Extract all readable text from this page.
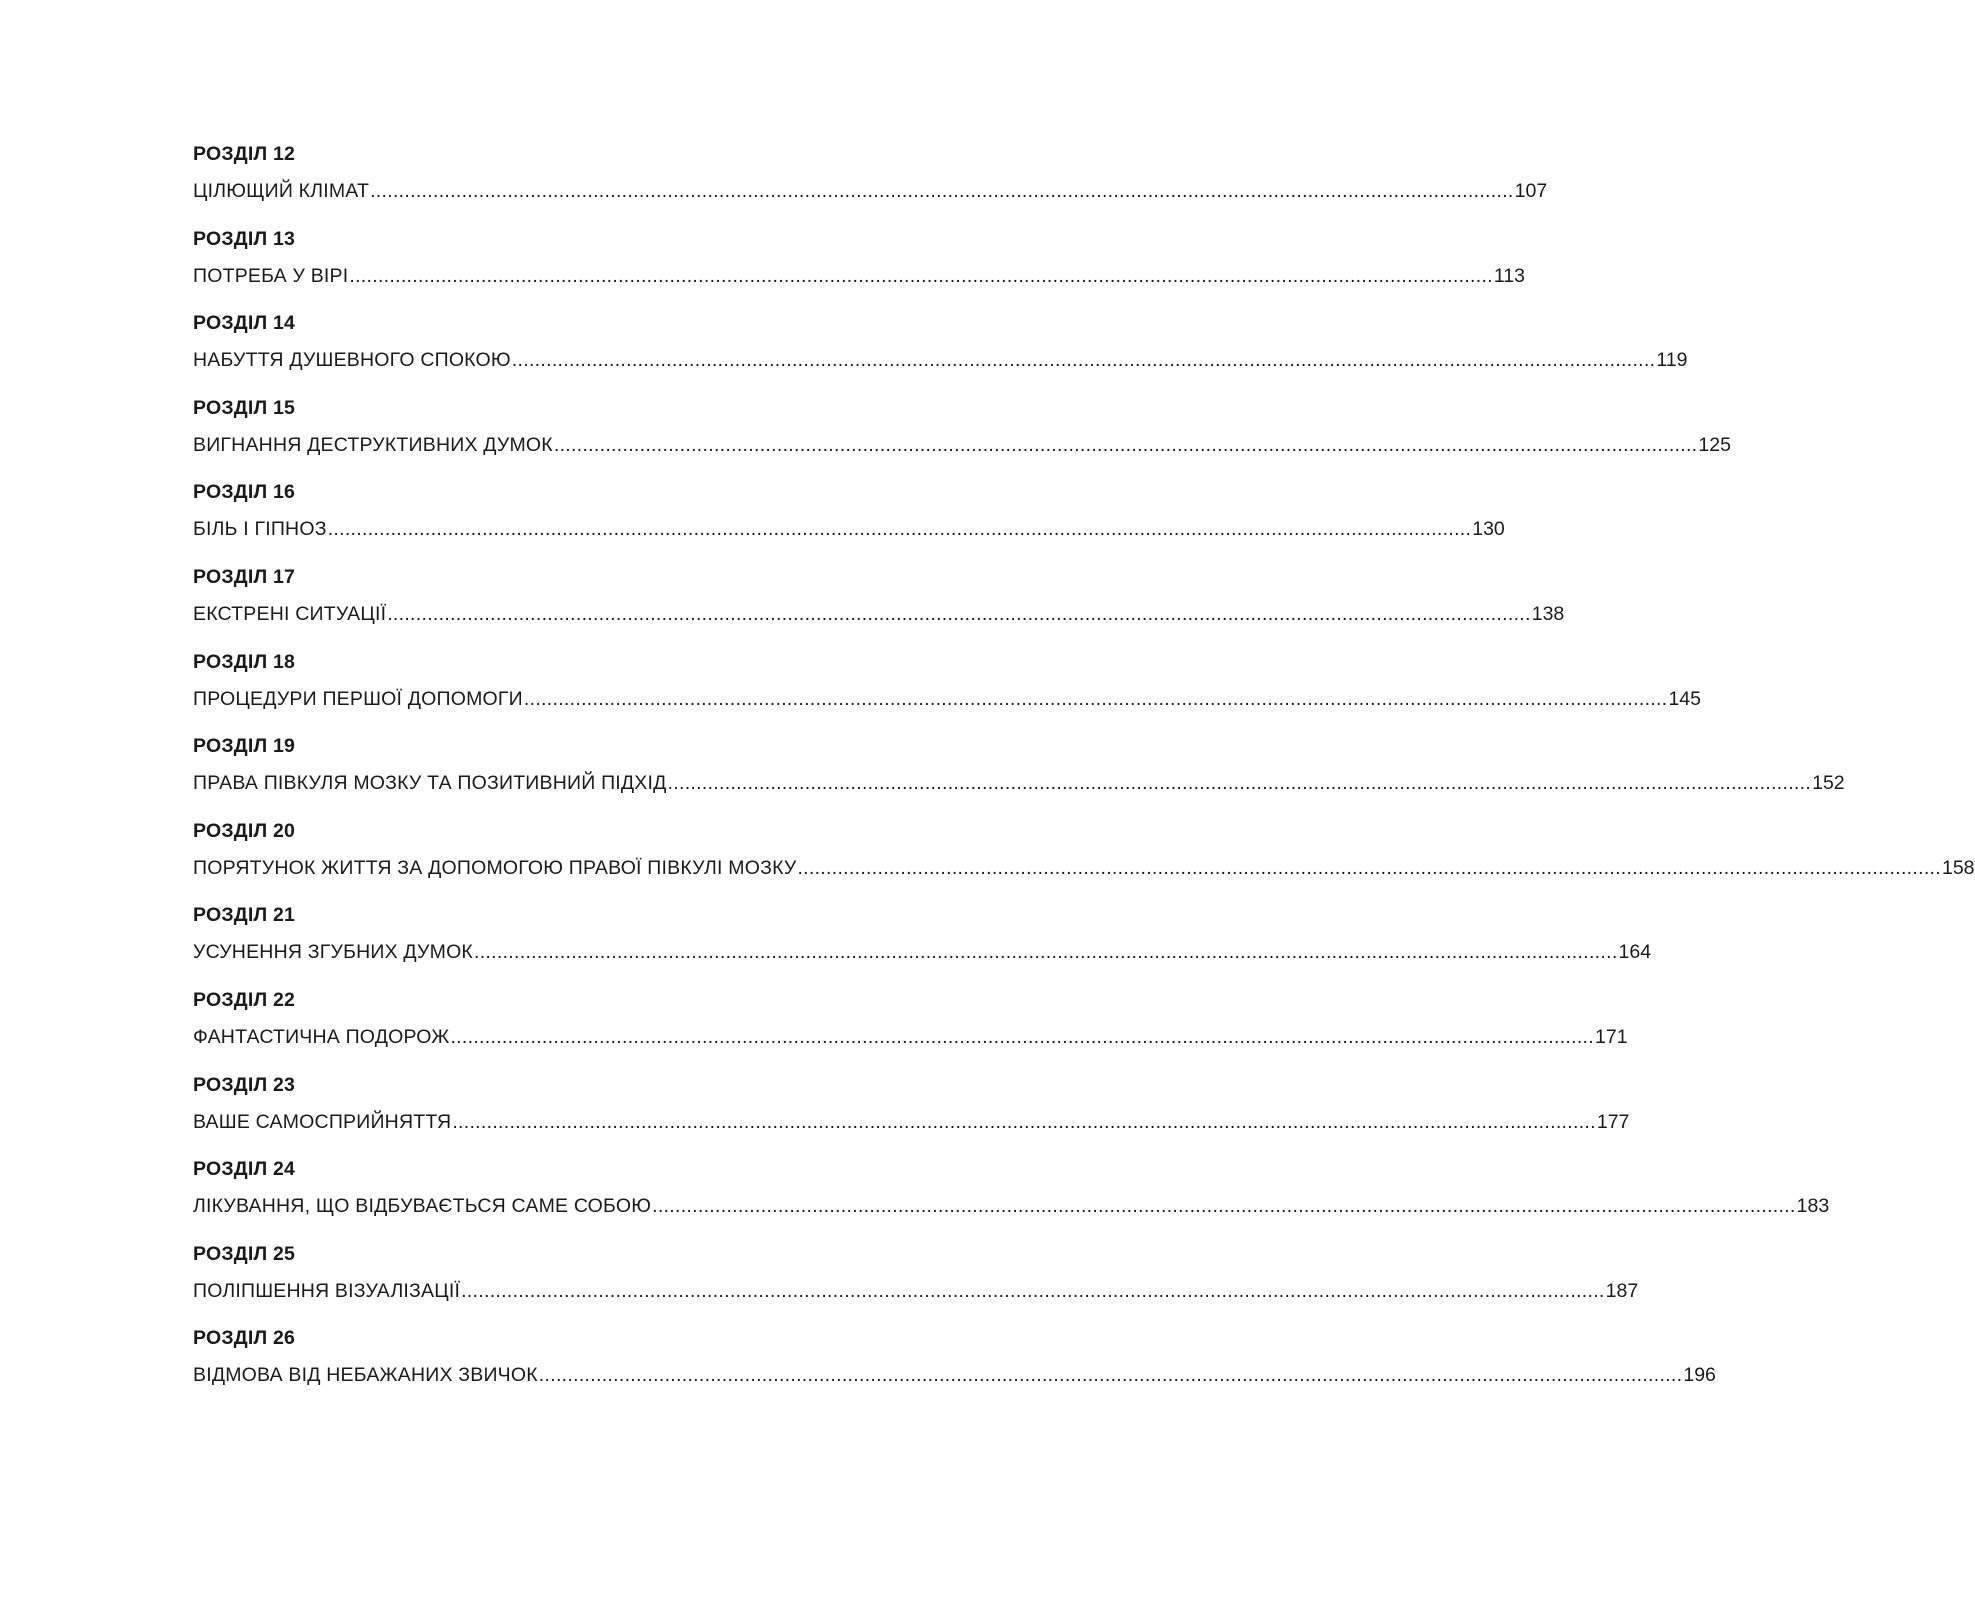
РОЗДІЛ 12
ЦІЛЮЩИЙ КЛІМАТ ........................................................................................................................................................................................................ 107
РОЗДІЛ 13
ПОТРЕБА У ВІРІ ........................................................................................................................................................................................................ 113
РОЗДІЛ 14
НАБУТТЯ ДУШЕВНОГО СПОКОЮ ........................................................................................................................................................................................................ 119
РОЗДІЛ 15
ВИГНАННЯ ДЕСТРУКТИВНИХ ДУМОК ........................................................................................................................................................................................................ 125
РОЗДІЛ 16
БІЛЬ І ГІПНОЗ ........................................................................................................................................................................................................ 130
РОЗДІЛ 17
ЕКСТРЕНІ СИТУАЦІЇ ........................................................................................................................................................................................................ 138
РОЗДІЛ 18
ПРОЦЕДУРИ ПЕРШОЇ ДОПОМОГИ ........................................................................................................................................................................................................ 145
РОЗДІЛ 19
ПРАВА ПІВКУЛЯ МОЗКУ ТА ПОЗИТИВНИЙ ПІДХІД ........................................................................................................................................................................................................ 152
РОЗДІЛ 20
ПОРЯТУНОК ЖИТТЯ ЗА ДОПОМОГОЮ ПРАВОЇ ПІВКУЛІ МОЗКУ ........................................................................................................................................................................................................ 158
РОЗДІЛ 21
УСУНЕННЯ ЗГУБНИХ ДУМОК ........................................................................................................................................................................................................ 164
РОЗДІЛ 22
ФАНТАСТИЧНА ПОДОРОЖ ........................................................................................................................................................................................................ 171
РОЗДІЛ 23
ВАШЕ САМОСПРИЙНЯТТЯ ........................................................................................................................................................................................................ 177
РОЗДІЛ 24
ЛІКУВАННЯ, ЩО ВІДБУВАЄТЬСЯ САМЕ СОБОЮ ........................................................................................................................................................................................................ 183
РОЗДІЛ 25
ПОЛІПШЕННЯ ВІЗУАЛІЗАЦІЇ ........................................................................................................................................................................................................ 187
РОЗДІЛ 26
ВІДМОВА ВІД НЕБАЖАНИХ ЗВИЧОК ........................................................................................................................................................................................................ 196
